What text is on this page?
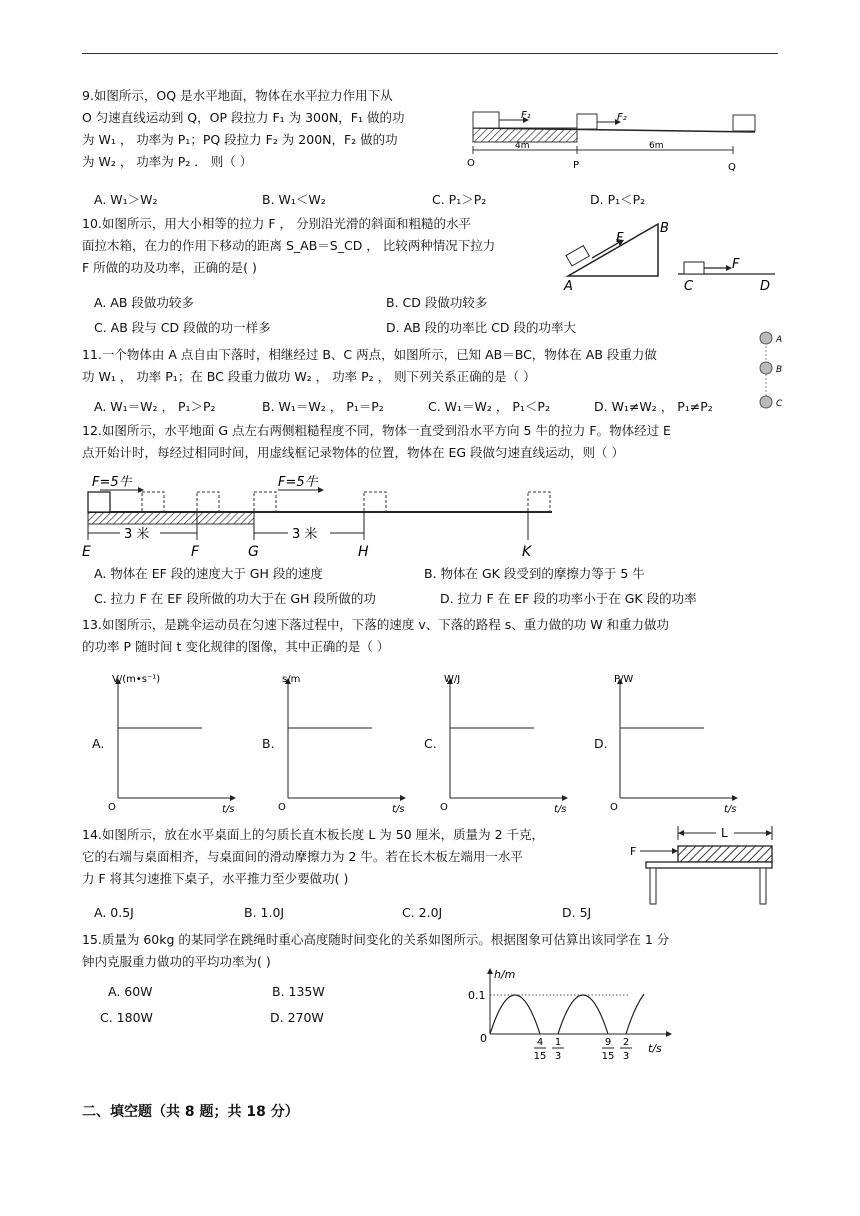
9.如图所示，OQ 是水平地面，物体在水平拉力作用下从
O 匀速直线运动到 Q，OP 段拉力 F₁ 为 300N，F₁ 做的功
为 W₁ ， 功率为 P₁；PQ 段拉力 F₂ 为 200N，F₂ 做的功
为 W₂ ， 功率为 P₂ ． 则（ ）
A. W₁＞W₂	B. W₁＜W₂	C. P₁＞P₂	D. P₁＜P₂
F₁	F₂
4m	6m
O	P	Q
10.如图所示，用大小相等的拉力 F ， 分别沿光滑的斜面和粗糙的水平
面拉木箱，在力的作用下移动的距离 S_AB＝S_CD ， 比较两种情况下拉力
F 所做的功及功率，正确的是( )
A. AB 段做功较多	B. CD 段做功较多
C. AB 段与 CD 段做的功一样多	D. AB 段的功率比 CD 段的功率大
F
A
B
F
C	D
11.一个物体由 A 点自由下落时，相继经过 B、C 两点，如图所示，已知 AB＝BC，物体在 AB 段重力做
功 W₁ ， 功率 P₁；在 BC 段重力做功 W₂ ， 功率 P₂ ， 则下列关系正确的是（ ）
A. W₁＝W₂ ， P₁＞P₂	B. W₁＝W₂ ， P₁＝P₂	C. W₁＝W₂ ， P₁＜P₂	D. W₁≠W₂ ， P₁≠P₂
A
B
C
12.如图所示，水平地面 G 点左右两侧粗糙程度不同，物体一直受到沿水平方向 5 牛的拉力 F。物体经过 E
点开始计时，每经过相同时间，用虚线框记录物体的位置，物体在 EG 段做匀速直线运动，则（ ）
F=5牛	F=5牛
3 米	3 米
E	F	G	H	K
A. 物体在 EF 段的速度大于 GH 段的速度	B. 物体在 GK 段受到的摩擦力等于 5 牛
C. 拉力 F 在 EF 段所做的功大于在 GH 段所做的功	D. 拉力 F 在 EF 段的功率小于在 GK 段的功率
13.如图所示，是跳伞运动员在匀速下落过程中，下落的速度 v、下落的路程 s、重力做的功 W 和重力做功
的功率 P 随时间 t 变化规律的图像，其中正确的是（ ）
A.
V/(m•s⁻¹)
t/s
O
B.
s/m
t/s
O
C.
W/J
t/s
O
D.
P/W
t/s
O
14.如图所示，放在水平桌面上的匀质长直木板长度 L 为 50 厘米，质量为 2 千克，
它的右端与桌面相齐，与桌面间的滑动摩擦力为 2 牛。若在长木板左端用一水平
力 F 将其匀速推下桌子，水平推力至少要做功( )
A. 0.5J	B. 1.0J	C. 2.0J	D. 5J
L
F
15.质量为 60kg 的某同学在跳绳时重心高度随时间变化的关系如图所示。根据图象可估算出该同学在 1 分
钟内克服重力做功的平均功率为( )
A. 60W	B. 135W
C. 180W	D. 270W
h/m
t/s
0.1
0	4
15
1
3
9
15
2
3
二、填空题（共 8 题；共 18 分）
